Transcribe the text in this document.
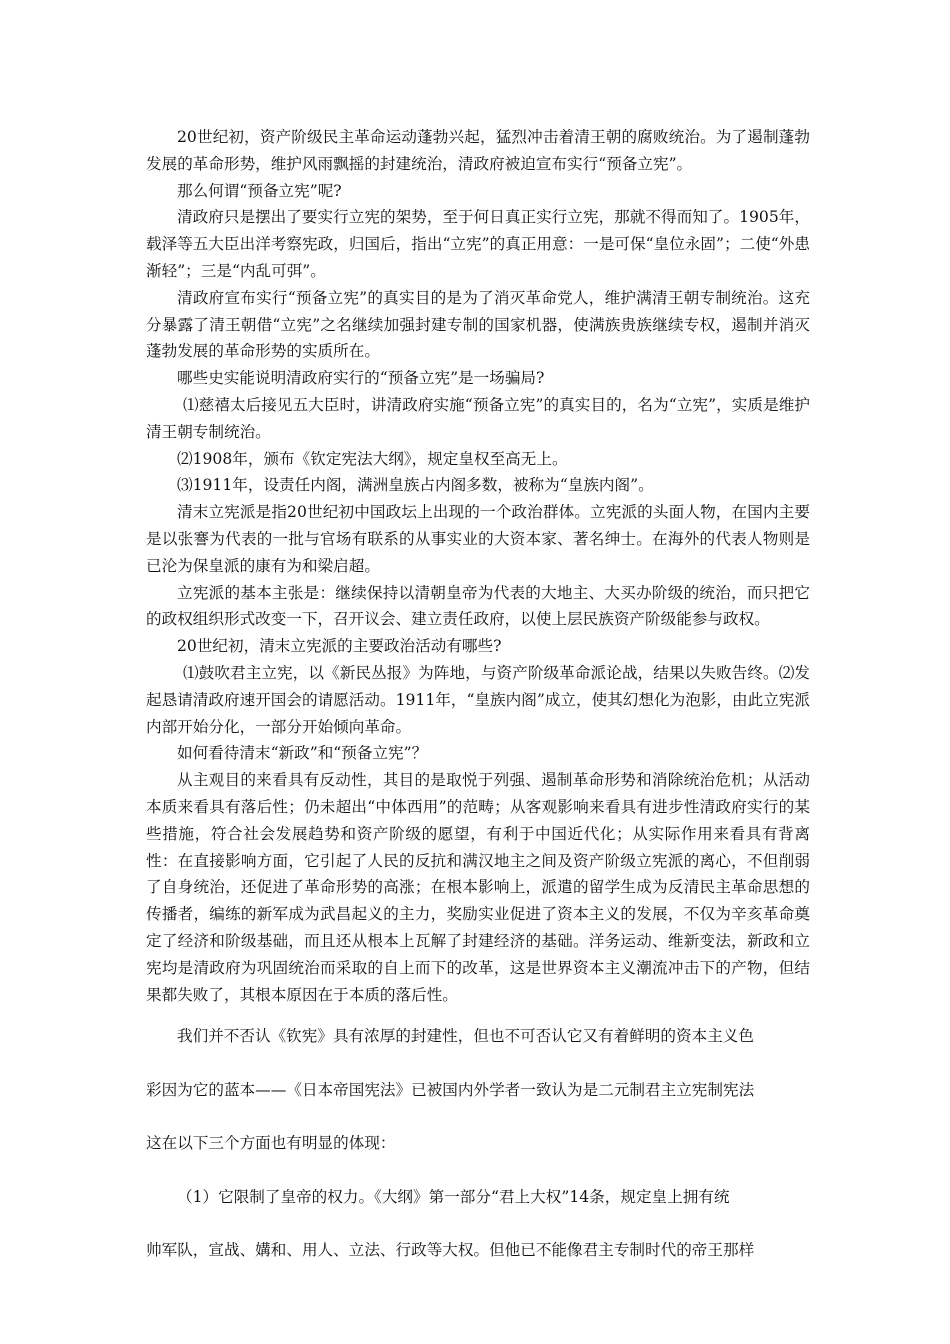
20世纪初，资产阶级民主革命运动蓬勃兴起，猛烈冲击着清王朝的腐败统治。为了遏制蓬勃发展的革命形势，维护风雨飘摇的封建统治，清政府被迫宣布实行“预备立宪”。

那么何谓“预备立宪”呢?

清政府只是摆出了要实行立宪的架势，至于何日真正实行立宪，那就不得而知了。1905年，载泽等五大臣出洋考察宪政，归国后，指出“立宪”的真正用意：一是可保“皇位永固”；二使“外患渐轻”；三是“内乱可弭”。

清政府宣布实行“预备立宪”的真实目的是为了消灭革命党人，维护满清王朝专制统治。这充分暴露了清王朝借“立宪”之名继续加强封建专制的国家机器，使满族贵族继续专权，遏制并消灭蓬勃发展的革命形势的实质所在。

哪些史实能说明清政府实行的“预备立宪”是一场骗局?

⑴慈禧太后接见五大臣时，讲清政府实施“预备立宪”的真实目的，名为“立宪”，实质是维护清王朝专制统治。

⑵1908年，颁布《钦定宪法大纲》，规定皇权至高无上。

⑶1911年，设责任内阁，满洲皇族占内阁多数，被称为“皇族内阁”。

清末立宪派是指20世纪初中国政坛上出现的一个政治群体。立宪派的头面人物，在国内主要是以张謇为代表的一批与官场有联系的从事实业的大资本家、著名绅士。在海外的代表人物则是已沦为保皇派的康有为和梁启超。

立宪派的基本主张是：继续保持以清朝皇帝为代表的大地主、大买办阶级的统治，而只把它的政权组织形式改变一下，召开议会、建立责任政府，以使上层民族资产阶级能参与政权。

20世纪初，清末立宪派的主要政治活动有哪些?

⑴鼓吹君主立宪，以《新民丛报》为阵地，与资产阶级革命派论战，结果以失败告终。⑵发起恳请清政府速开国会的请愿活动。1911年，“皇族内阁”成立，使其幻想化为泡影，由此立宪派内部开始分化，一部分开始倾向革命。

如何看待清末“新政”和“预备立宪”？

从主观目的来看具有反动性，其目的是取悦于列强、遏制革命形势和消除统治危机；从活动本质来看具有落后性；仍未超出“中体西用”的范畴；从客观影响来看具有进步性清政府实行的某些措施，符合社会发展趋势和资产阶级的愿望，有利于中国近代化；从实际作用来看具有背离性：在直接影响方面，它引起了人民的反抗和满汉地主之间及资产阶级立宪派的离心，不但削弱了自身统治，还促进了革命形势的高涨；在根本影响上，派遣的留学生成为反清民主革命思想的传播者，编练的新军成为武昌起义的主力，奖励实业促进了资本主义的发展，不仅为辛亥革命奠定了经济和阶级基础，而且还从根本上瓦解了封建经济的基础。洋务运动、维新变法，新政和立宪均是清政府为巩固统治而采取的自上而下的改革，这是世界资本主义潮流冲击下的产物，但结果都失败了，其根本原因在于本质的落后性。

我们并不否认《钦宪》具有浓厚的封建性，但也不可否认它又有着鲜明的资本主义色

彩因为它的蓝本——《日本帝国宪法》已被国内外学者一致认为是二元制君主立宪制宪法

这在以下三个方面也有明显的体现：

（1）它限制了皇帝的权力。《大纲》第一部分“君上大权”14条，规定皇上拥有统

帅军队，宣战、媾和、用人、立法、行政等大权。但他已不能像君主专制时代的帝王那样
